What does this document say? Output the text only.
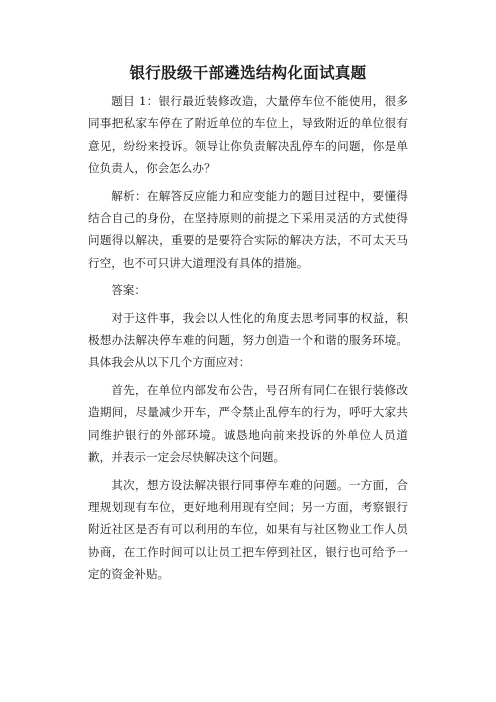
银行股级干部遴选结构化面试真题

题目 1：银行最近装修改造，大量停车位不能使用，很多同事把私家车停在了附近单位的车位上，导致附近的单位很有意见，纷纷来投诉。领导让你负责解决乱停车的问题，你是单位负责人，你会怎么办？

解析：在解答反应能力和应变能力的题目过程中，要懂得结合自己的身份，在坚持原则的前提之下采用灵活的方式使得问题得以解决，重要的是要符合实际的解决方法，不可太天马行空，也不可只讲大道理没有具体的措施。

答案：

对于这件事，我会以人性化的角度去思考同事的权益，积极想办法解决停车难的问题，努力创造一个和谐的服务环境。具体我会从以下几个方面应对：

首先，在单位内部发布公告，号召所有同仁在银行装修改造期间，尽量减少开车，严令禁止乱停车的行为，呼吁大家共同维护银行的外部环境。诚恳地向前来投诉的外单位人员道歉，并表示一定会尽快解决这个问题。

其次，想方设法解决银行同事停车难的问题。一方面，合理规划现有车位，更好地利用现有空间；另一方面，考察银行附近社区是否有可以利用的车位，如果有与社区物业工作人员协商，在工作时间可以让员工把车停到社区，银行也可给予一定的资金补贴。
